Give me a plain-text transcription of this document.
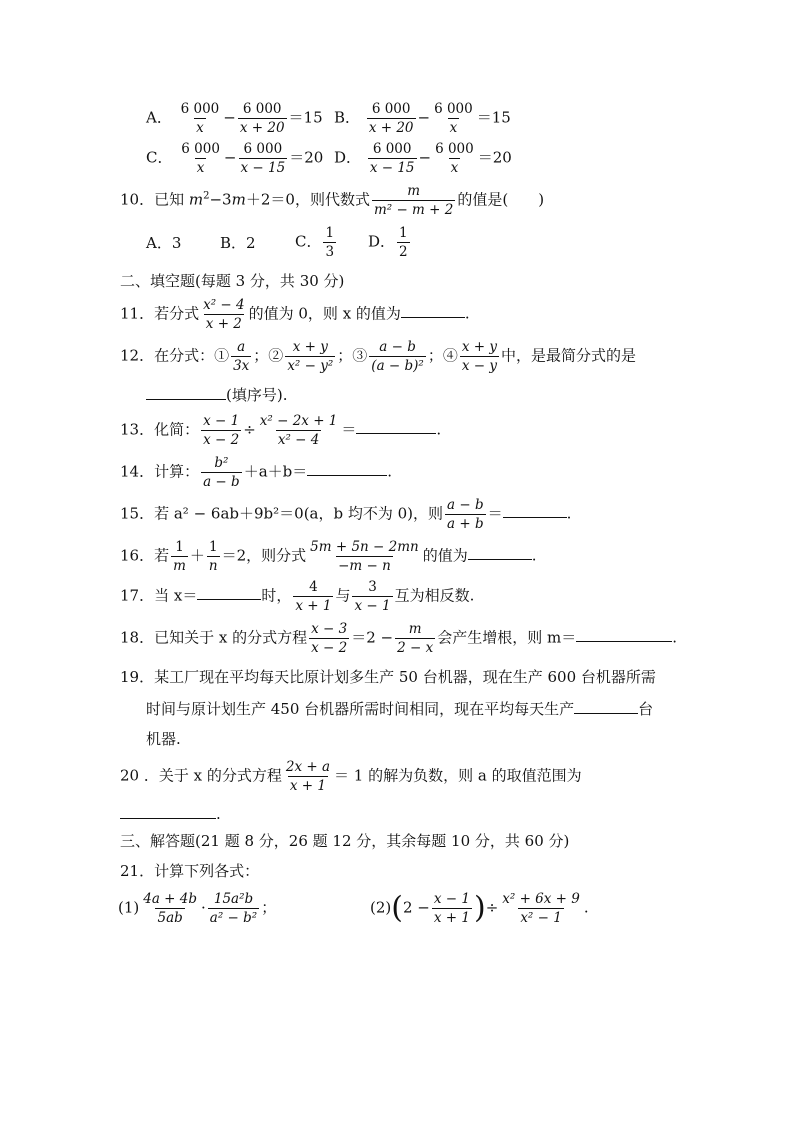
A． $\frac{6 000}{x} - \frac{6 000}{x + 20} =15$ B． $\frac{6 000}{x + 20} - \frac{6 000}{x} =15$
C． $\frac{6 000}{x} - \frac{6 000}{x - 15} =20$ D． $\frac{6 000}{x - 15} - \frac{6 000}{x} =20$
10．已知 $m^2-3m+2=0$，则代数式 $\frac{m}{\text{m² − m + 2}}$ 的值是(　　)
A．3	B．2	C． $\frac{1}{3}$ D． $\frac{1}{2}$
二、填空题(每题 3 分，共 30 分)
11．若分式 $\frac{\text{x² − 4}}{x + 2}$ 的值为 0，则 x 的值为	.
12．在分式：① $\frac{a}{3x}$ ；② $\frac{x + y}{\text{x² − y²}}$ ；③ $\frac{a - b}{\text{(a − b)²}}$ ；④ $\frac{x + y}{x - y}$ 中，是最简分式的是
(填序号).
13．化简： $\frac{x - 1}{x - 2} \div \frac{\text{x² − 2x + 1}}{\text{x² − 4}}$ ＝	.
14．计算： $\frac{\text{b²}}{a - b} +a+b=$	.
15．若 a² − 6ab＋9b²＝0(a，b 均不为 0)，则 $\frac{a - b}{a + b}$ ＝	.
16．若 $\frac{1}{m} + \frac{1}{n} =2$，则分式 $\frac{5m + 5n - 2mn}{-m - n}$ 的值为	.
17．当 x＝	时， $\frac{4}{x + 1}$ 与 $\frac{3}{x - 1}$ 互为相反数.
18．已知关于 x 的分式方程 $\frac{x - 3}{x - 2} =2 - \frac{m}{2 - x}$ 会产生增根，则 m＝	.
19．某工厂现在平均每天比原计划多生产 50 台机器，现在生产 600 台机器所需
时间与原计划生产 450 台机器所需时间相同，现在平均每天生产	台
机器.
20 ．关于 x 的分式方程 $\frac{2x + a}{x + 1} = 1$ 的解为负数，则 a 的取值范围为
.
三、解答题(21 题 8 分，26 题 12 分，其余每题 10 分，共 60 分)
21．计算下列各式：
$(1) \frac{4a + 4b}{5ab} \cdot \frac{\text{15a²b}}{\text{a² − b²}}$ ；	$(2)(2 - \frac{x - 1}{x + 1}$ )÷ $\frac{\text{x² + 6x + 9}}{\text{x² − 1}}$ .
